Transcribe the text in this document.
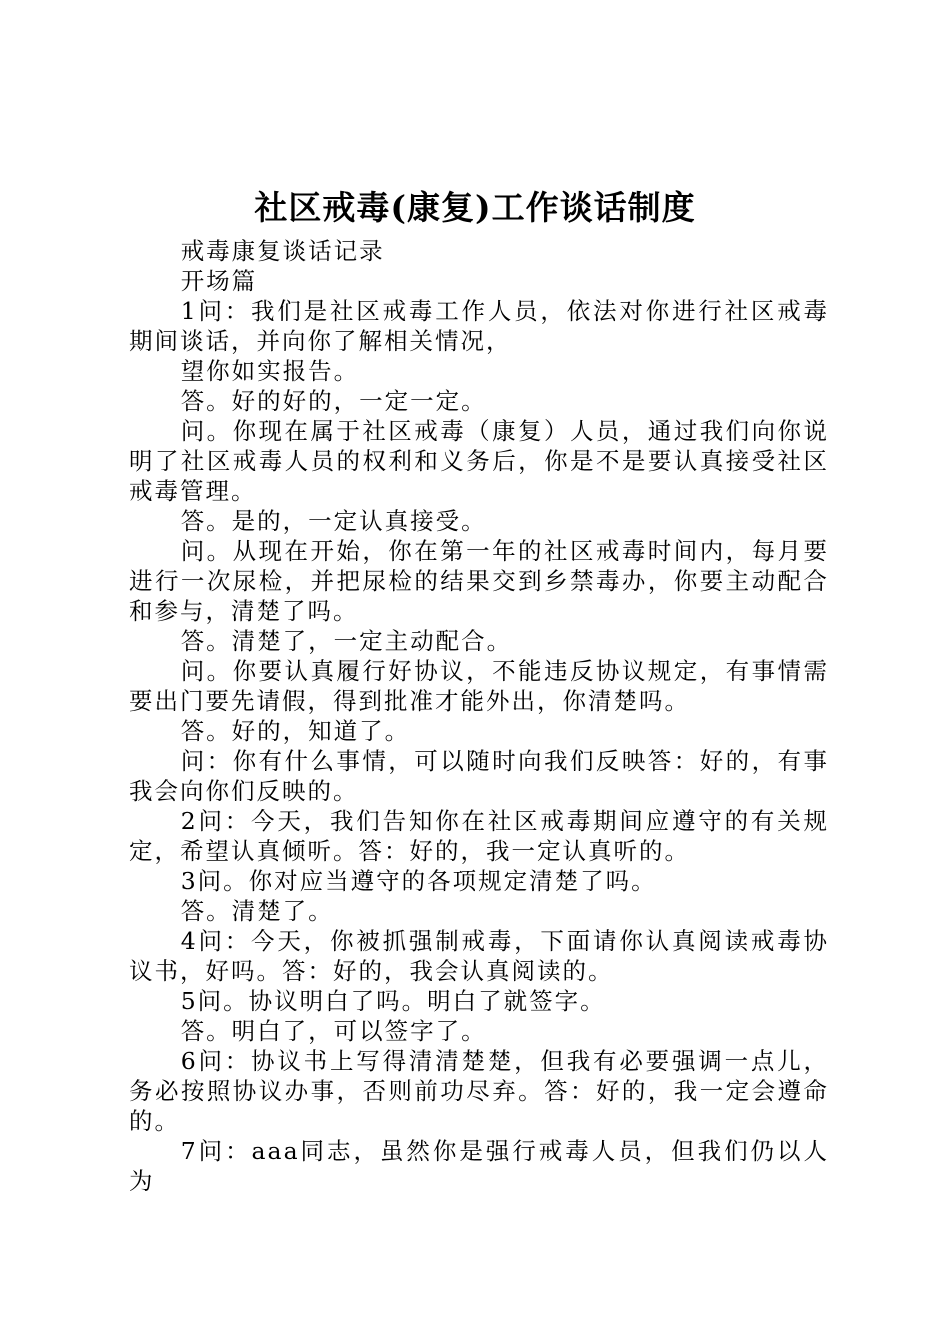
社区戒毒(康复)工作谈话制度

戒毒康复谈话记录

开场篇

1问：我们是社区戒毒工作人员，依法对你进行社区戒毒期间谈话，并向你了解相关情况，

望你如实报告。

答。好的好的，一定一定。

问。你现在属于社区戒毒（康复）人员，通过我们向你说明了社区戒毒人员的权利和义务后，你是不是要认真接受社区戒毒管理。

答。是的，一定认真接受。

问。从现在开始，你在第一年的社区戒毒时间内，每月要进行一次尿检，并把尿检的结果交到乡禁毒办，你要主动配合和参与，清楚了吗。

答。清楚了，一定主动配合。

问。你要认真履行好协议，不能违反协议规定，有事情需要出门要先请假，得到批准才能外出，你清楚吗。

答。好的，知道了。

问：你有什么事情，可以随时向我们反映答：好的，有事我会向你们反映的。

2问：今天，我们告知你在社区戒毒期间应遵守的有关规定，希望认真倾听。答：好的，我一定认真听的。

3问。你对应当遵守的各项规定清楚了吗。

答。清楚了。

4问：今天，你被抓强制戒毒，下面请你认真阅读戒毒协议书，好吗。答：好的，我会认真阅读的。

5问。协议明白了吗。明白了就签字。

答。明白了，可以签字了。

6问：协议书上写得清清楚楚，但我有必要强调一点儿，务必按照协议办事，否则前功尽弃。答：好的，我一定会遵命的。

7问：aaa同志，虽然你是强行戒毒人员，但我们仍以人为
